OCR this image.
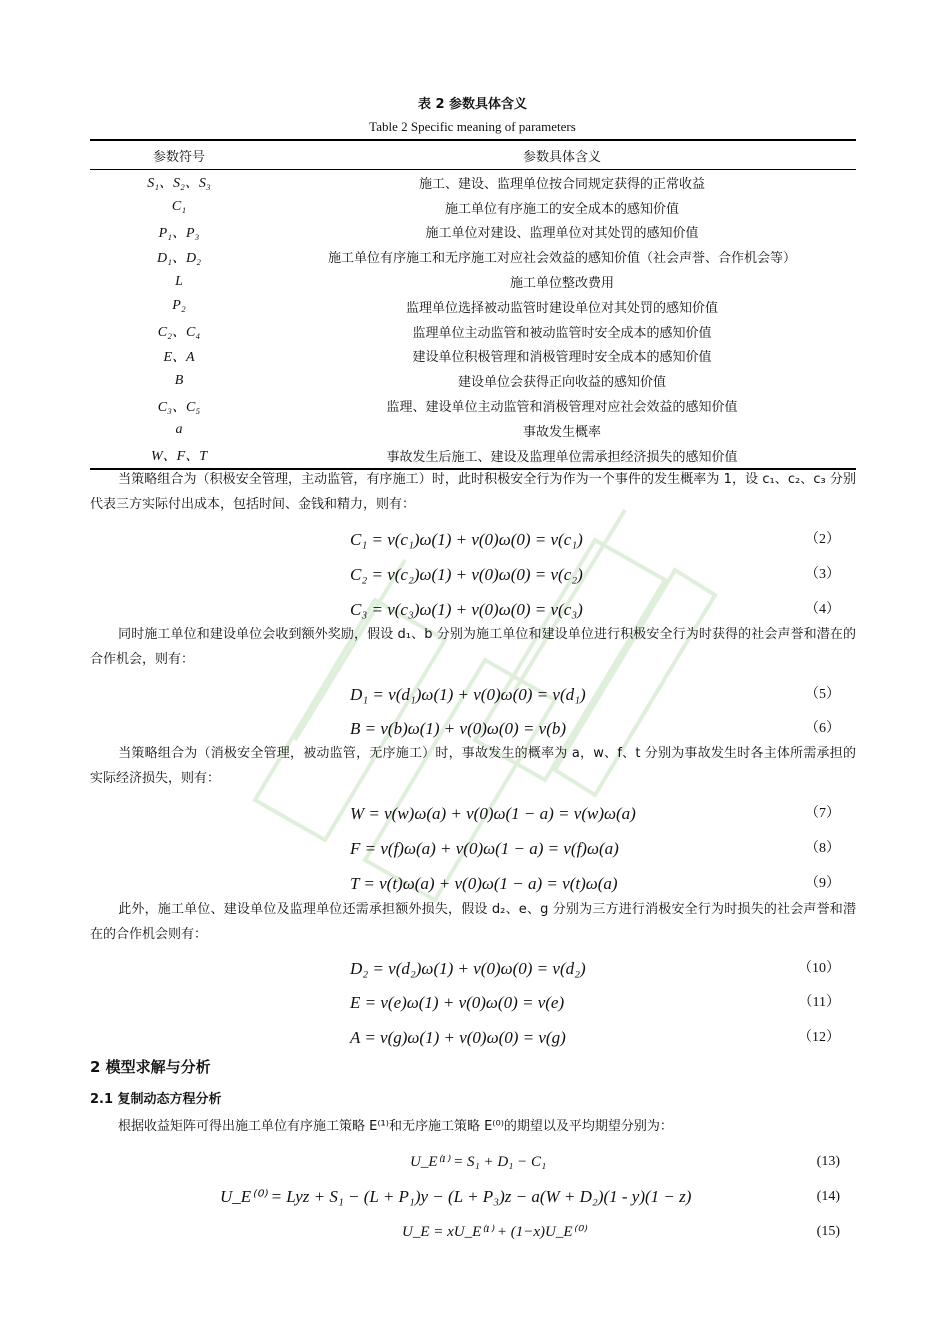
表 2 参数具体含义
Table 2 Specific meaning of parameters
参数符号	参数具体含义
S₁、S₂、S₃	施工、建设、监理单位按合同规定获得的正常收益
C₁	施工单位有序施工的安全成本的感知价值
P₁、P₃	施工单位对建设、监理单位对其处罚的感知价值
D₁、D₂	施工单位有序施工和无序施工对应社会效益的感知价值（社会声誉、合作机会等）
L	施工单位整改费用
P₂	监理单位选择被动监管时建设单位对其处罚的感知价值
C₂、C₄	监理单位主动监管和被动监管时安全成本的感知价值
E、A	建设单位积极管理和消极管理时安全成本的感知价值
B	建设单位会获得正向收益的感知价值
C₃、C₅	监理、建设单位主动监管和消极管理对应社会效益的感知价值
a	事故发生概率
W、F、T	事故发生后施工、建设及监理单位需承担经济损失的感知价值
当策略组合为（积极安全管理，主动监管，有序施工）时，此时积极安全行为作为一个事件的发生概率为 1，设 c₁、c₂、c₃ 分别代表三方实际付出成本，包括时间、金钱和精力，则有：
C₁ = v(c₁)ω(1) + v(0)ω(0) = v(c₁)	（2）
C₂ = v(c₂)ω(1) + v(0)ω(0) = v(c₂)	（3）
C₃ = v(c₃)ω(1) + v(0)ω(0) = v(c₃)	（4）
同时施工单位和建设单位会收到额外奖励，假设 d₁、b 分别为施工单位和建设单位进行积极安全行为时获得的社会声誉和潜在的合作机会，则有：
D₁ = v(d₁)ω(1) + v(0)ω(0) = v(d₁)	（5）
B = v(b)ω(1) + v(0)ω(0) = v(b)	（6）
当策略组合为（消极安全管理，被动监管，无序施工）时，事故发生的概率为 a，w、f、t 分别为事故发生时各主体所需承担的实际经济损失，则有：
W = v(w)ω(a) + v(0)ω(1 − a) = v(w)ω(a)	（7）
F = v(f)ω(a) + v(0)ω(1 − a) = v(f)ω(a)	（8）
T = v(t)ω(a) + v(0)ω(1 − a) = v(t)ω(a)	（9）
此外，施工单位、建设单位及监理单位还需承担额外损失，假设 d₂、e、g 分别为三方进行消极安全行为时损失的社会声誉和潜在的合作机会则有：
D₂ = v(d₂)ω(1) + v(0)ω(0) = v(d₂)	（10）
E = v(e)ω(1) + v(0)ω(0) = v(e)	（11）
A = v(g)ω(1) + v(0)ω(0) = v(g)	（12）
2 模型求解与分析
2.1 复制动态方程分析
根据收益矩阵可得出施工单位有序施工策略 E⁽¹⁾和无序施工策略 E⁽⁰⁾的期望以及平均期望分别为：
U_E⁽¹⁾ = S₁ + D₁ − C₁	(13)
U_E⁽⁰⁾ = Lyz + S₁ − (L + P₁)y − (L + P₃)z − a(W + D₂)(1 - y)(1 − z)	(14)
U_E = xU_E⁽¹⁾ + (1−x)U_E⁽⁰⁾	(15)
